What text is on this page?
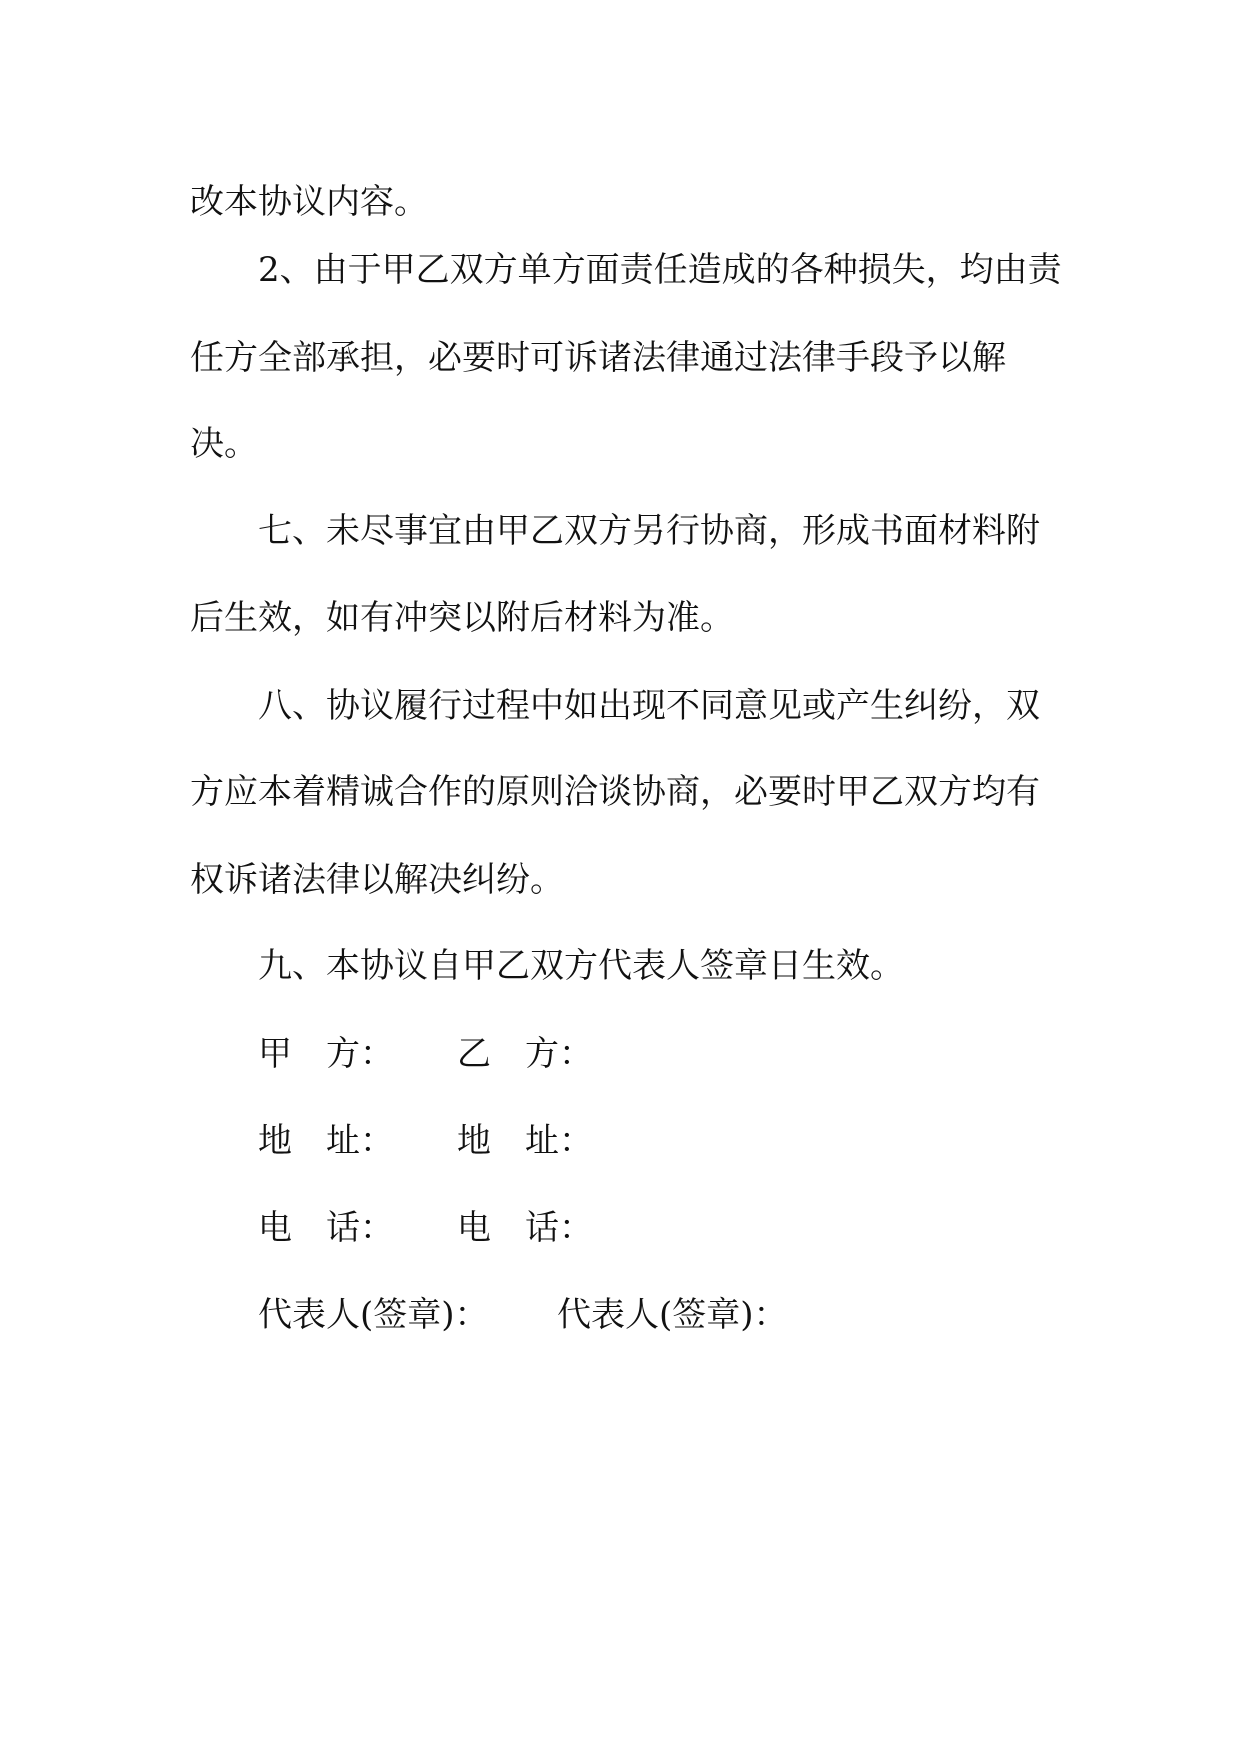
改本协议内容。
2、由于甲乙双方单方面责任造成的各种损失，均由责
任方全部承担，必要时可诉诸法律通过法律手段予以解
决。
七、未尽事宜由甲乙双方另行协商，形成书面材料附
后生效，如有冲突以附后材料为准。
八、协议履行过程中如出现不同意见或产生纠纷，双
方应本着精诚合作的原则洽谈协商，必要时甲乙双方均有
权诉诸法律以解决纠纷。
九、本协议自甲乙双方代表人签章日生效。
甲　方： 乙　方：
地　址： 地　址：
电　话： 电　话：
代表人(签章)： 代表人(签章)：
